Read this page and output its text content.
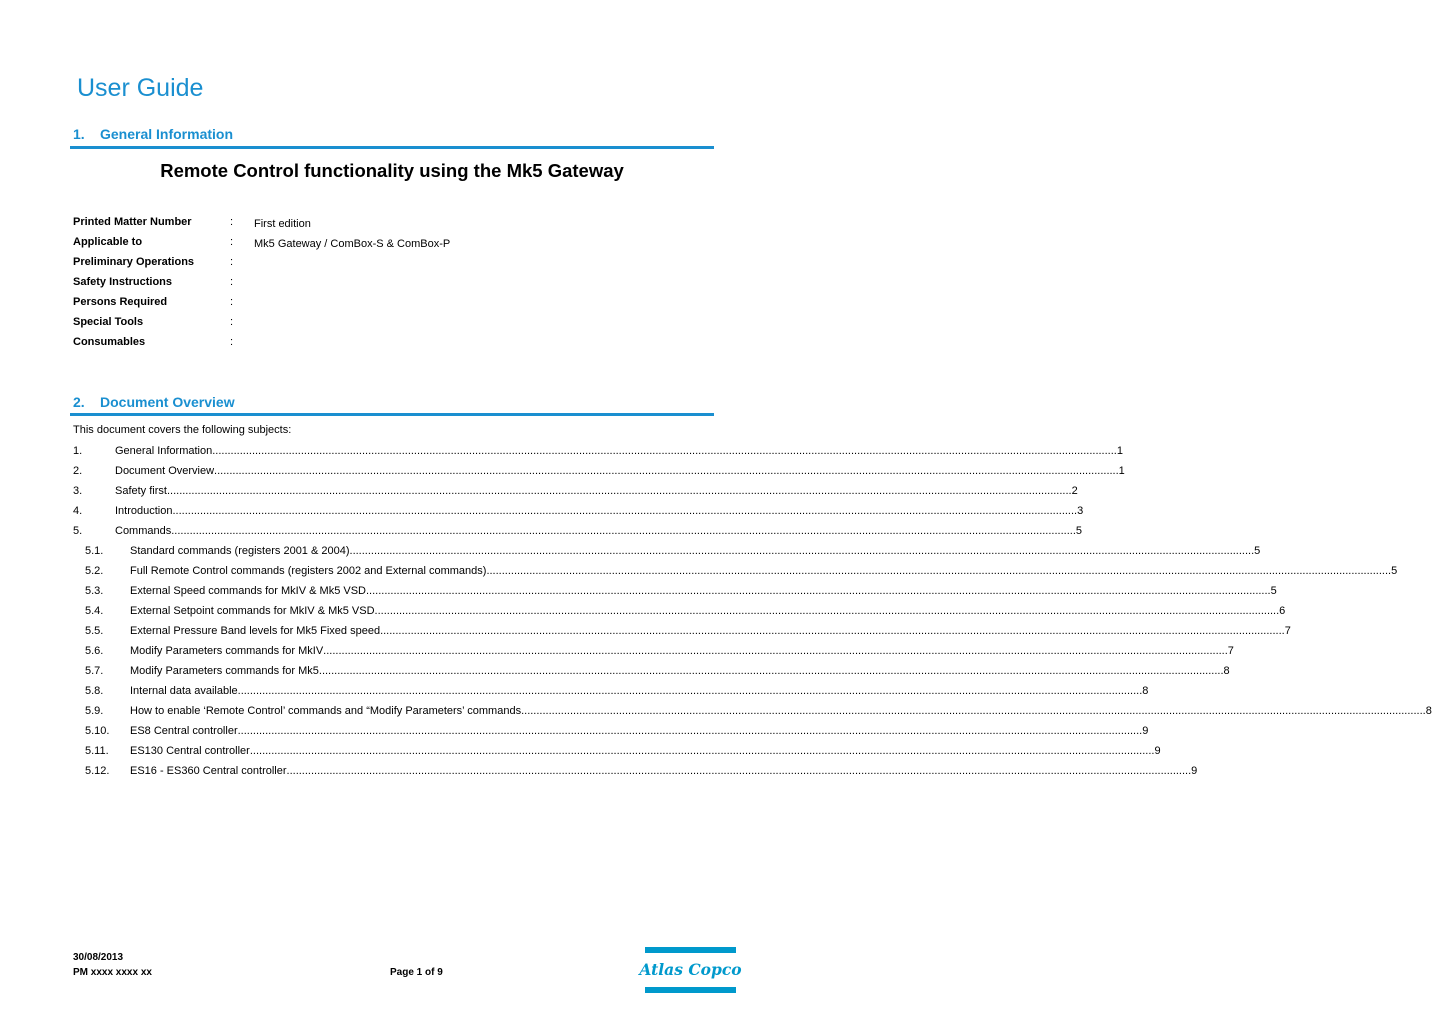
User Guide
1. General Information
Remote Control functionality using the Mk5 Gateway
Printed Matter Number	: First edition
Applicable to	: Mk5 Gateway / ComBox-S & ComBox-P
Preliminary Operations	:
Safety Instructions	:
Persons Required	:
Special Tools	:
Consumables	:
2. Document Overview
This document covers the following subjects:
1.	General Information .....	1
2.	Document Overview .....	1
3.	Safety first .....	2
4.	Introduction .....	3
5.	Commands .....	5
5.1. Standard commands (registers 2001 & 2004) .....	5
5.2. Full Remote Control commands (registers 2002 and External commands) .....	5
5.3. External Speed commands for MkIV & Mk5 VSD .....	5
5.4. External Setpoint commands for MkIV & Mk5 VSD .....	6
5.5. External Pressure Band levels for Mk5 Fixed speed .....	7
5.6. Modify Parameters commands for MkIV .....	7
5.7. Modify Parameters commands for Mk5 .....	8
5.8. Internal data available .....	8
5.9. How to enable ‘Remote Control’ commands and “Modify Parameters’ commands .....	8
5.10. ES8 Central controller .....	9
5.11. ES130 Central controller .....	9
5.12. ES16 - ES360 Central controller .....	9
30/08/2013
PM xxxx xxxx xx	Page 1 of 9	Atlas Copco
